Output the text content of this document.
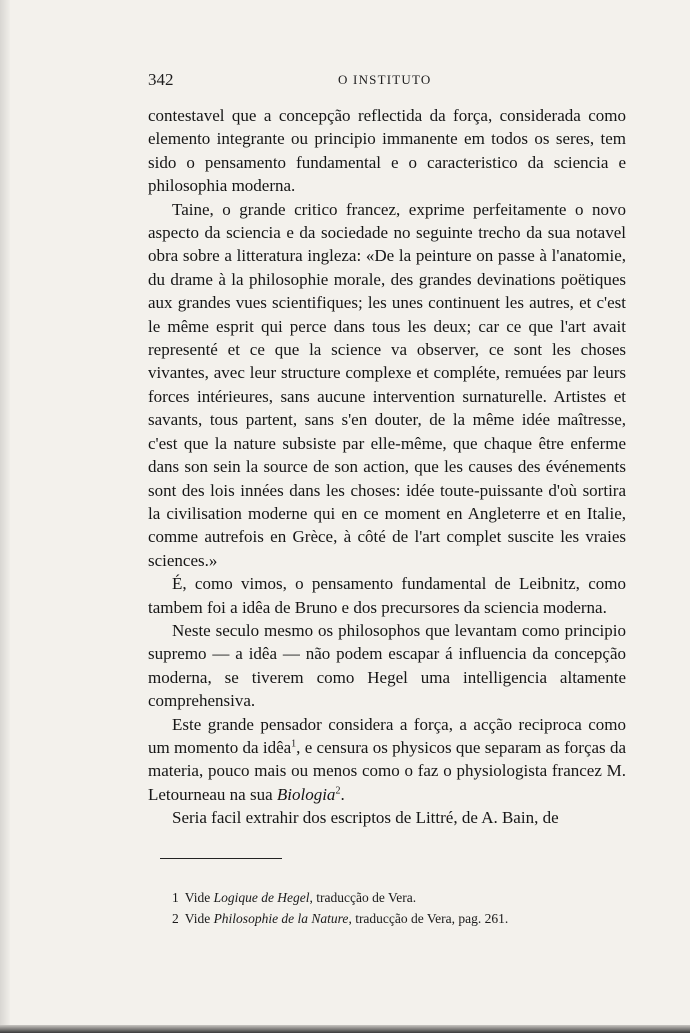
342	O INSTITUTO

contestavel que a concepção reflectida da força, considerada como elemento integrante ou principio immanente em todos os seres, tem sido o pensamento fundamental e o caracteristico da sciencia e philosophia moderna.

Taine, o grande critico francez, exprime perfeitamente o novo aspecto da sciencia e da sociedade no seguinte trecho da sua notavel obra sobre a litteratura ingleza: «De la peinture on passe à l'anatomie, du drame à la philosophie morale, des grandes devinations poëtiques aux grandes vues scientifiques; les unes continuent les autres, et c'est le même esprit qui perce dans tous les deux; car ce que l'art avait representé et ce que la science va observer, ce sont les choses vivantes, avec leur structure complexe et compléte, remuées par leurs forces intérieures, sans aucune intervention surnaturelle. Artistes et savants, tous partent, sans s'en douter, de la même idée maîtresse, c'est que la nature subsiste par elle-même, que chaque être enferme dans son sein la source de son action, que les causes des événements sont des lois innées dans les choses: idée toute-puissante d'où sortira la civilisation moderne qui en ce moment en Angleterre et en Italie, comme autrefois en Grèce, à côté de l'art complet suscite les vraies sciences.»

É, como vimos, o pensamento fundamental de Leibnitz, como tambem foi a idêa de Bruno e dos precursores da sciencia moderna.

Neste seculo mesmo os philosophos que levantam como principio supremo — a idêa — não podem escapar á influencia da concepção moderna, se tiverem como Hegel uma intelligencia altamente comprehensiva.

Este grande pensador considera a força, a acção reciproca como um momento da idêa$^1$, e censura os physicos que separam as forças da materia, pouco mais ou menos como o faz o physiologista francez M. Letourneau na sua Biologia$^2$.

Seria facil extrahir dos escriptos de Littré, de A. Bain, de

1 Vide Logique de Hegel, traducção de Vera.

2 Vide Philosophie de la Nature, traducção de Vera, pag. 261.
